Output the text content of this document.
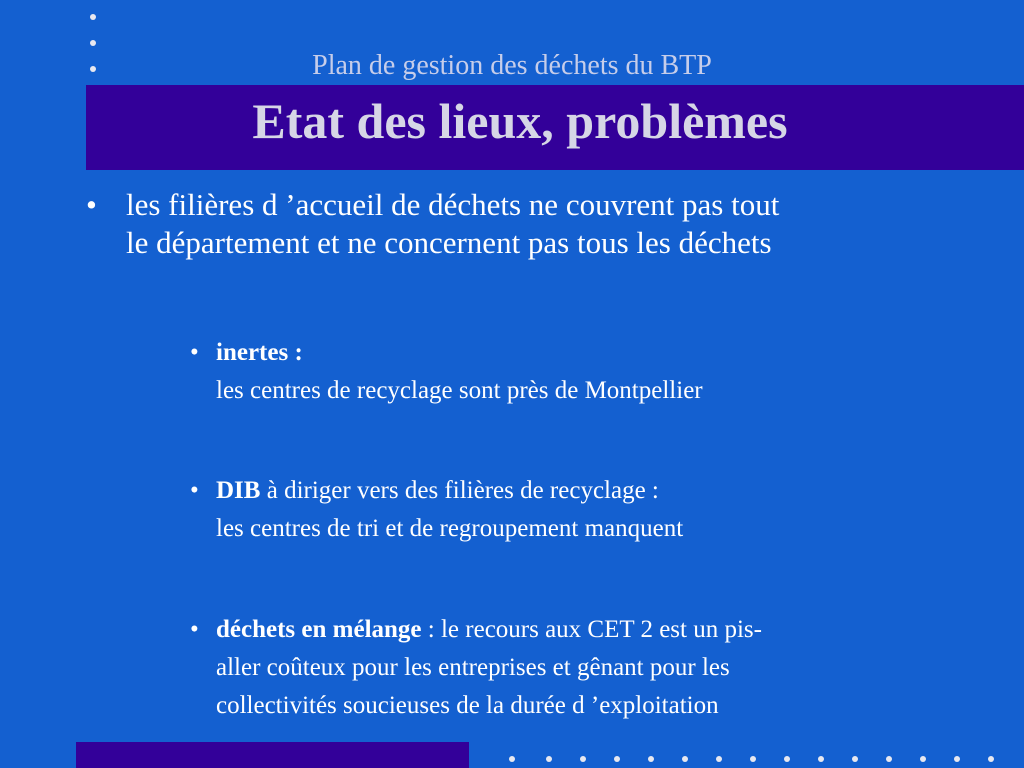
Plan de gestion des déchets du BTP
Etat des lieux, problèmes
• les filières d ’accueil de déchets ne couvrent pas tout
le département et ne concernent pas tous les déchets
• inertes :
les centres de recyclage sont près de Montpellier
• DIB à diriger vers des filières de recyclage :
les centres de tri et de regroupement manquent
• déchets en mélange : le recours aux CET 2 est un pis-
aller coûteux pour les entreprises et gênant pour les
collectivités soucieuses de la durée d ’exploitation
